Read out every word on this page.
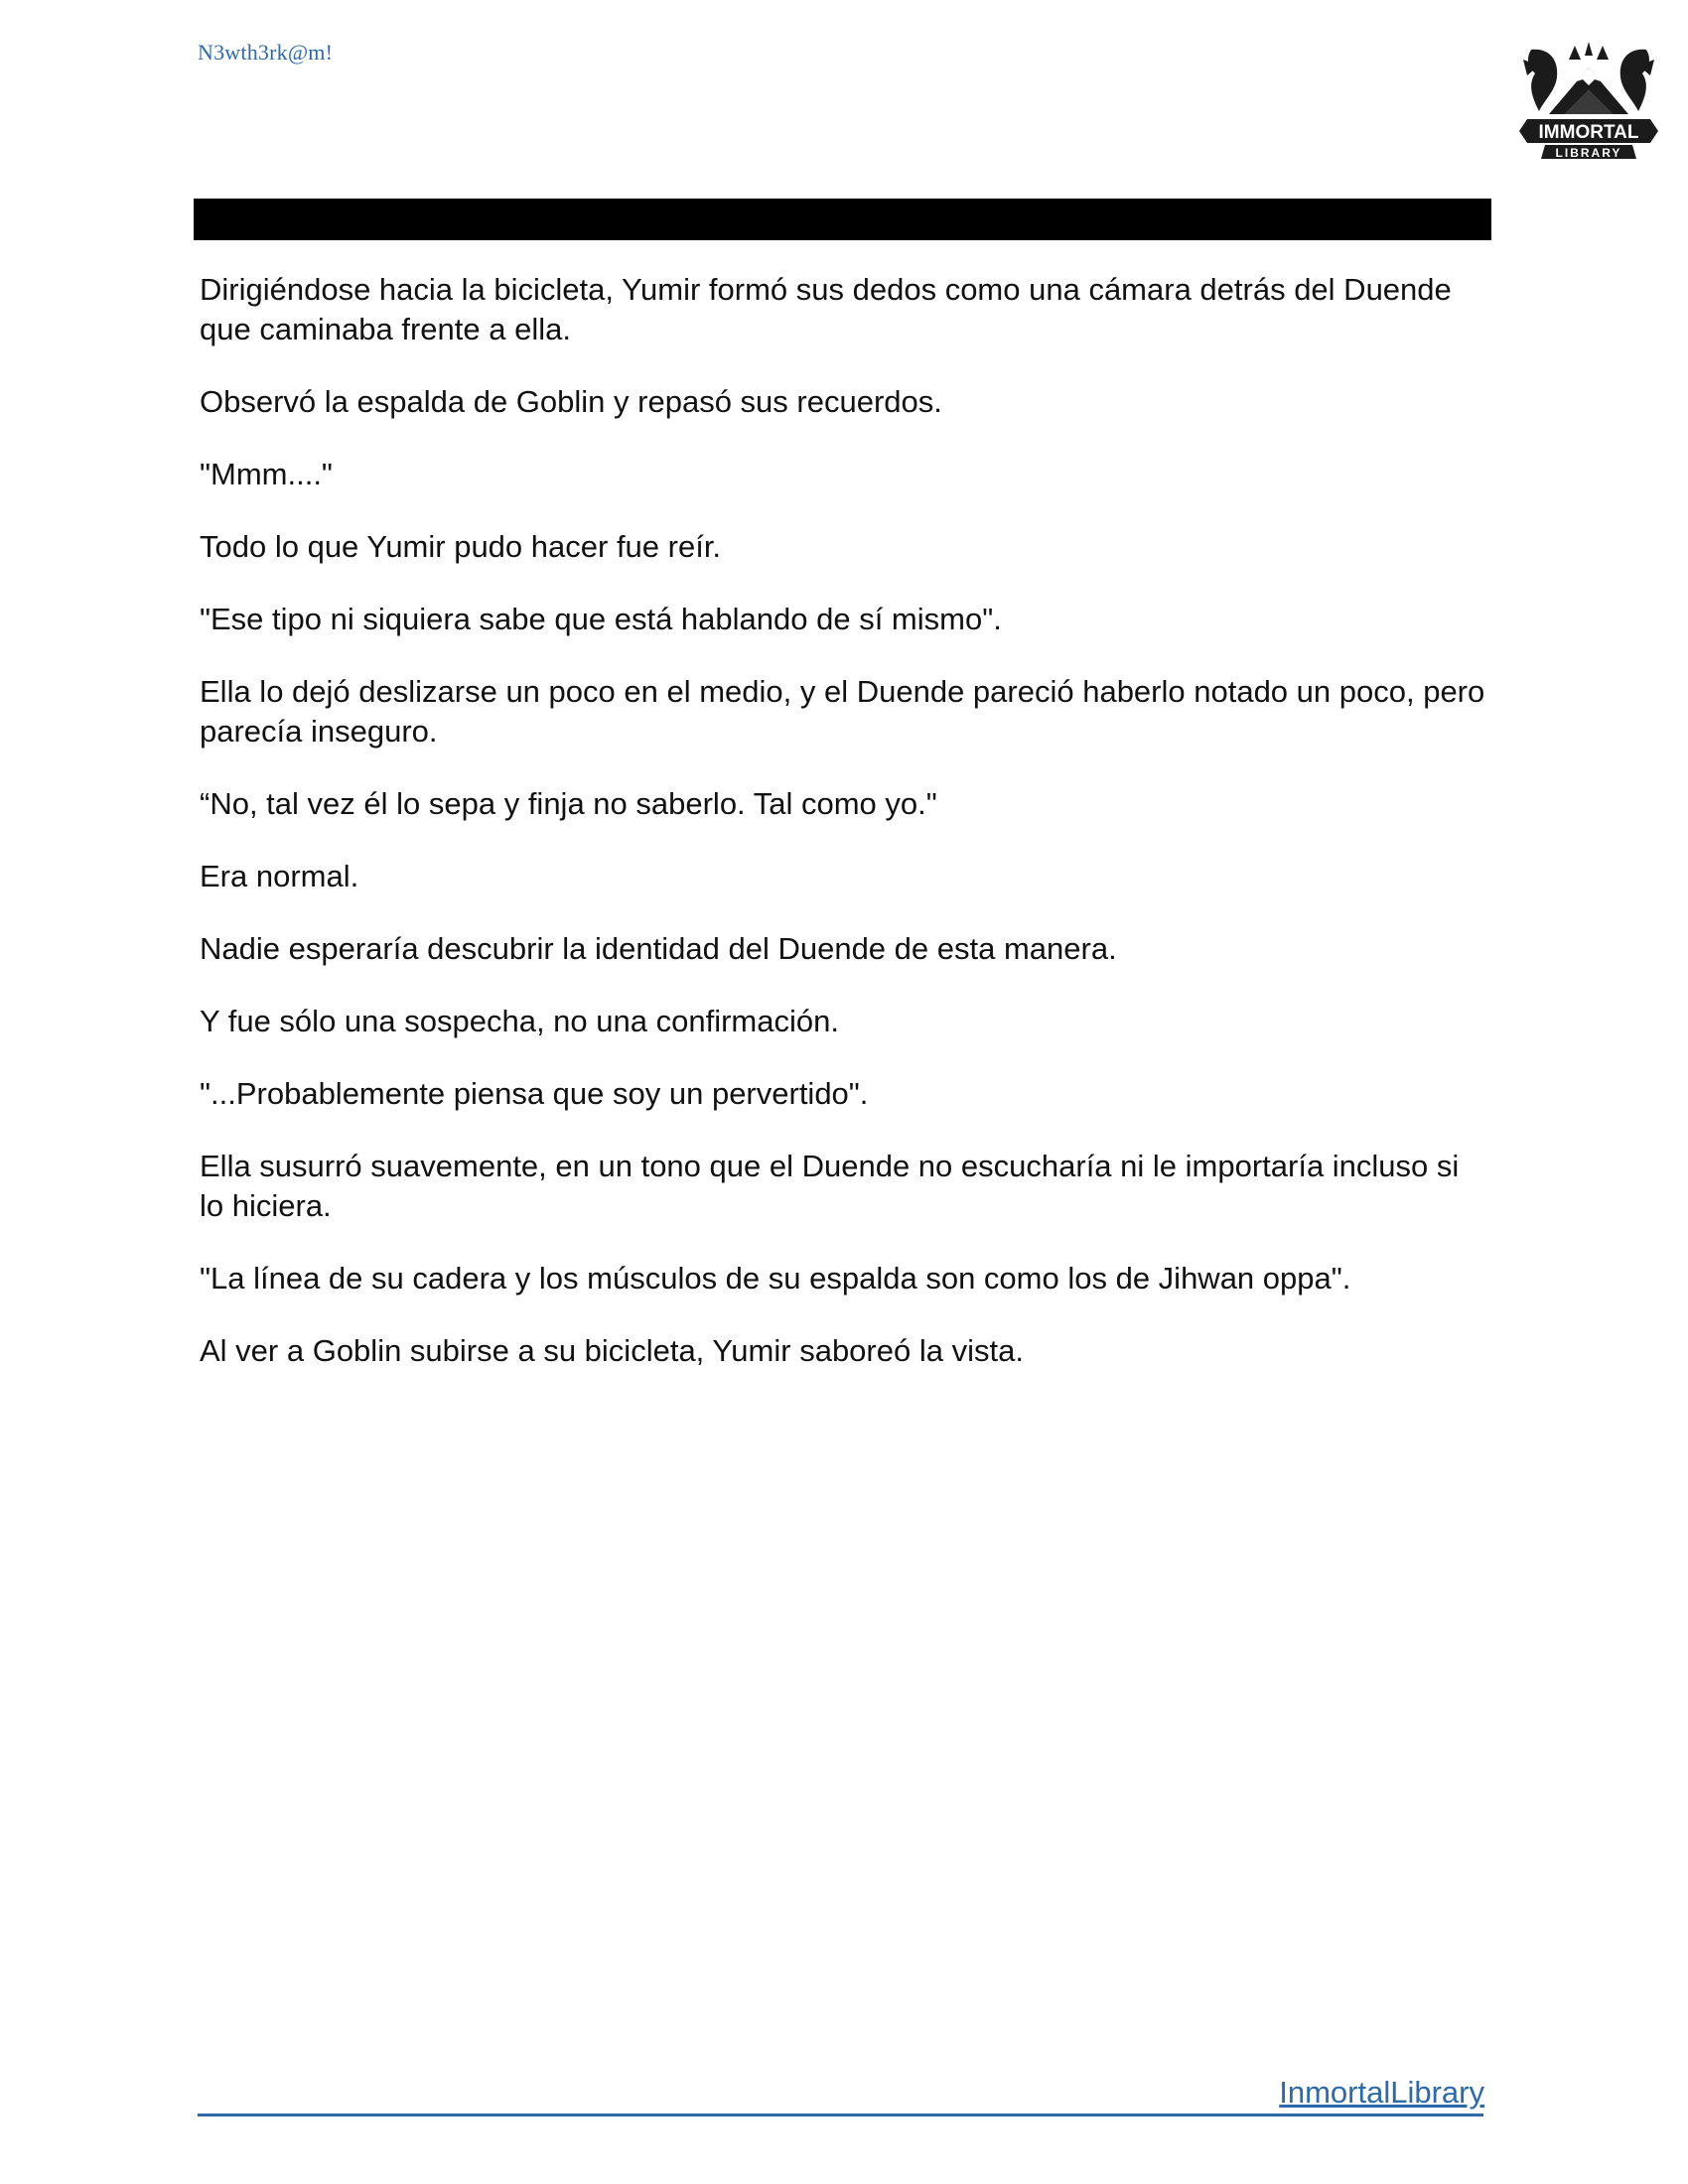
N3wth3rk@m!
IMMORTAL
LIBRARY

Dirigiéndose hacia la bicicleta, Yumir formó sus dedos como una cámara detrás del Duende que caminaba frente a ella.

Observó la espalda de Goblin y repasó sus recuerdos.

"Mmm...."

Todo lo que Yumir pudo hacer fue reír.

"Ese tipo ni siquiera sabe que está hablando de sí mismo".

Ella lo dejó deslizarse un poco en el medio, y el Duende pareció haberlo notado un poco, pero parecía inseguro.

“No, tal vez él lo sepa y finja no saberlo. Tal como yo."

Era normal.

Nadie esperaría descubrir la identidad del Duende de esta manera.

Y fue sólo una sospecha, no una confirmación.

"...Probablemente piensa que soy un pervertido".

Ella susurró suavemente, en un tono que el Duende no escucharía ni le importaría incluso si lo hiciera.

"La línea de su cadera y los músculos de su espalda son como los de Jihwan oppa".

Al ver a Goblin subirse a su bicicleta, Yumir saboreó la vista.

InmortalLibrary
